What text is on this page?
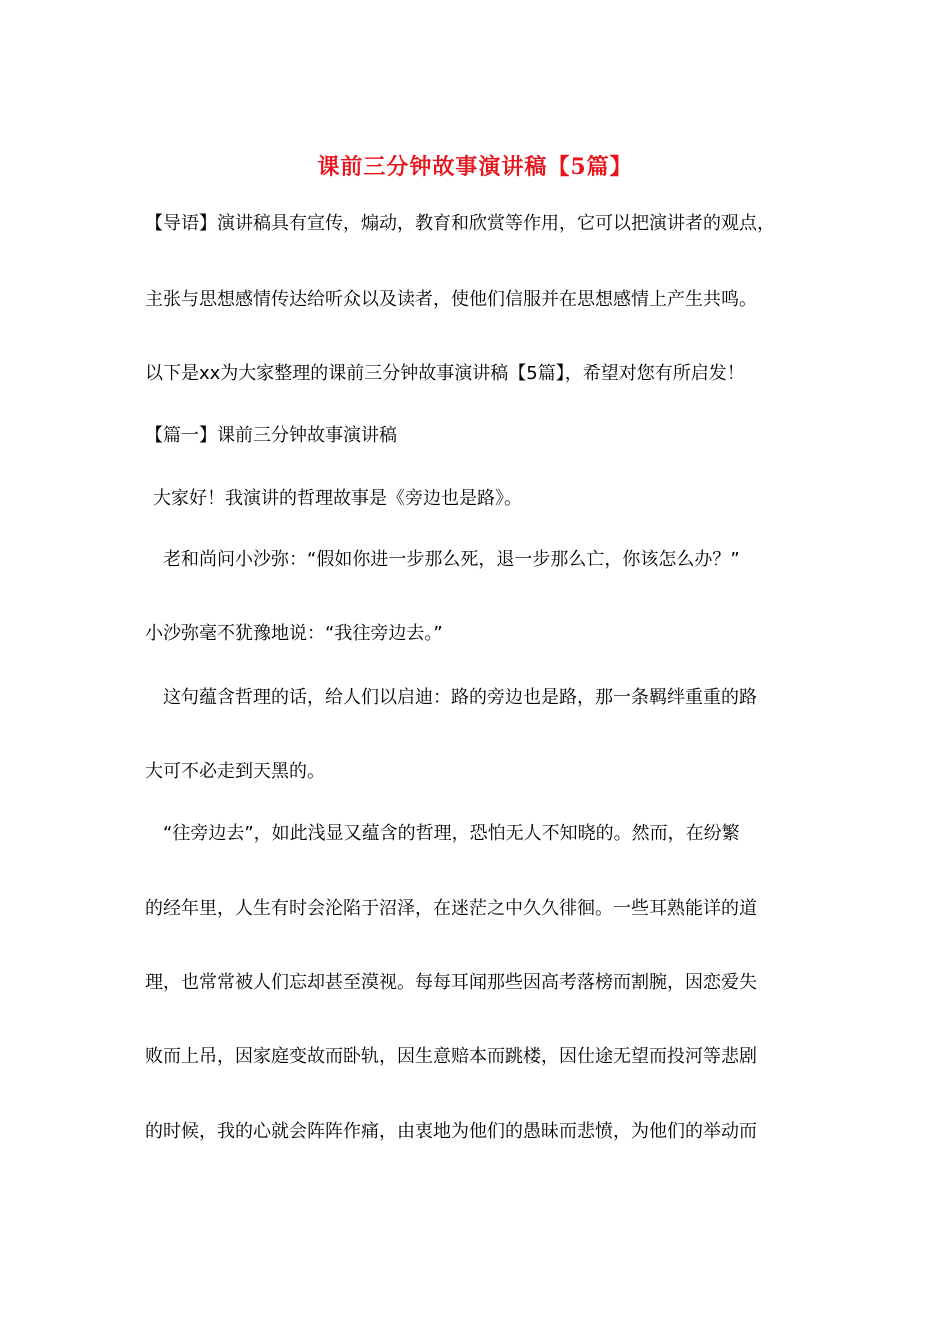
课前三分钟故事演讲稿【5篇】
【导语】演讲稿具有宣传，煽动，教育和欣赏等作用，它可以把演讲者的观点，
主张与思想感情传达给听众以及读者，使他们信服并在思想感情上产生共鸣。
以下是xx为大家整理的课前三分钟故事演讲稿【5篇】，希望对您有所启发！
【篇一】课前三分钟故事演讲稿
大家好！我演讲的哲理故事是《旁边也是路》。
老和尚问小沙弥：“假如你进一步那么死，退一步那么亡，你该怎么办？”
小沙弥毫不犹豫地说：“我往旁边去。”
这句蕴含哲理的话，给人们以启迪：路的旁边也是路，那一条羁绊重重的路
大可不必走到天黑的。
“往旁边去”，如此浅显又蕴含的哲理，恐怕无人不知晓的。然而，在纷繁
的经年里，人生有时会沦陷于沼泽，在迷茫之中久久徘徊。一些耳熟能详的道
理，也常常被人们忘却甚至漠视。每每耳闻那些因高考落榜而割腕，因恋爱失
败而上吊，因家庭变故而卧轨，因生意赔本而跳楼，因仕途无望而投河等悲剧
的时候，我的心就会阵阵作痛，由衷地为他们的愚昧而悲愤，为他们的举动而
